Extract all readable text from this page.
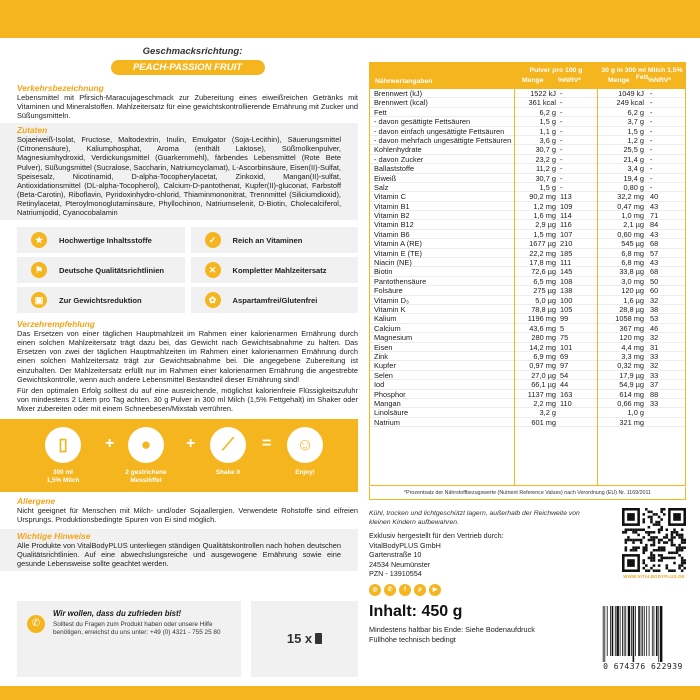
Geschmacksrichtung:
PEACH-PASSION FRUIT
Verkehrsbezeichnung
Lebensmittel mit Pfirsich-Maracujageschmack zur Zubereitung eines eiweißreichen Getränks mit Vitaminen und Mineralstoffen. Mahlzeitersatz für eine gewichtskontrollierende Ernährung mit Zucker und Süßungsmitteln.
Zutaten
Sojaeiweiß-Isolat, Fructose, Maltodextrin, Inulin, Emulgator (Soja-Lecithin), Säuerungsmittel (Citronensäure), Kaliumphosphat, Aroma (enthält Laktose), Süßmolkenpulver, Magnesiumhydroxid, Verdickungsmittel (Guarkernmehl), färbendes Lebensmittel (Rote Bete Pulver), Süßungsmittel (Sucralose, Saccharin, Natriumcyclamat), L-Ascorbinsäure, Eisen(II)-Sulfat, Speisesalz, Nicotinamid, D-alpha-Tocopherylacetat, Zinkoxid, Mangan(II)-sulfat, Antioxidationsmittel (DL-alpha-Tocopherol), Calcium-D-pantothenat, Kupfer(II)-gluconat, Farbstoff (Beta-Carotin), Riboflavin, Pyridoxinhydro-chlorid, Thiaminmononitrat, Trennmittel (Siliciumdioxid), Retinylacetat, Pteroylmonoglutaminsäure, Phyllochinon, Natriumselenit, D-Biotin, Cholecalciferol, Natriumjodid, Cyanocobalamin
★	Hochwertige Inhaltsstoffe	✓	Reich an Vitaminen
⚑	Deutsche Qualitätsrichtlinien	✕	Kompletter Mahlzeitersatz
▣	Zur Gewichtsreduktion	✿	Aspartamfrei/Glutenfrei
Verzehrempfehlung

Das Ersetzen von einer täglichen Hauptmahlzeit im Rahmen einer kalorienarmen Ernährung durch einen solchen Mahlzeitersatz trägt dazu bei, das Gewicht nach Gewichtsabnahme zu halten. Das Ersetzen von zwei der täglichen Hauptmahlzeiten im Rahmen einer kalorienarmen Ernährung durch einen solchen Mahlzeitersatz trägt zur Gewichtsabnahme bei. Die angegebene Zubereitung ist einzuhalten. Der Mahlzeitersatz erfüllt nur im Rahmen einer kalorienarmen Ernährung die angestrebte Gewichtskontrolle, wenn auch andere Lebensmittel Bestandteil dieser Ernährung sind!

Für den optimalen Erfolg solltest du auf eine ausreichende, möglichst kalorienfreie Flüssigkeitszufuhr von mindestens 2 Litern pro Tag achten. 30 g Pulver in 300 ml Milch (1,5% Fettgehalt) im Shaker oder Mixer zubereiten oder mit einem Schneebesen/Mixstab verrühren.

▯	+	●	+	⟋	=	☺
300 ml
1,5% Milch
2 gestrichene
Messlöffel
Shake it	Enjoy!
Allergene
Nicht geeignet für Menschen mit Milch- und/oder Sojaallergien. Verwendete Rohstoffe sind eifreien Ursprungs. Produktionsbedingte Spuren von Ei sind möglich.
Wichtige Hinweise
Alle Produkte von VitalBodyPLUS unterliegen ständigen Qualitätskontrollen nach hohen deutschen Qualitätsrichtlinien. Auf eine abwechslungsreiche und ausgewogene Ernährung sowie eine gesunde Lebensweise sollte geachtet werden.
✆
Wir wollen, dass du zufrieden bist!
Solltest du Fragen zum Produkt haben oder unsere Hilfe benötigen, erreichst du uns unter: +49 (0) 4321 - 755 25 80	15 x
Nährwertangaben
Pulver pro 100 g	30 g in 300 ml Milch 1,5% Fett
Menge %NRV*	Menge	%NRV*
Brennwert (kJ)	1522 kJ -	1049 kJ -
Brennwert (kcal)	361 kcal -	249 kcal -
Fett	6,2 g -	6,2 g -
- davon gesättigte Fettsäuren	1,5 g -	3,7 g -
- davon einfach ungesättigte Fettsäuren	1,1 g -	1,5 g -
- davon mehrfach ungesättigte Fettsäuren	3,6 g -	1,2 g -
Kohlenhydrate	30,7 g -	25,5 g -
- davon Zucker	23,2 g -	21,4 g -
Ballaststoffe	11,2 g -	3,4 g -
Eiweiß	30,7 g -	19,4 g -
Salz	1,5 g -	0,80 g -
Vitamin C	90,2 mg 113	32,2 mg 40
Vitamin B1	1,2 mg 109	0,47 mg 43
Vitamin B2	1,6 mg 114	1,0 mg 71
Vitamin B12	2,9 µg 116	2,1 µg 84
Vitamin B6	1,5 mg 107	0,60 mg 43
Vitamin A (RE)	1677 µg 210	545 µg 68
Vitamin E (TE)	22,2 mg 185	6,8 mg 57
Niacin (NE)	17,8 mg 111	6,8 mg 43
Biotin	72,6 µg 145	33,8 µg 68
Pantothensäure	6,5 mg 108	3,0 mg 50
Folsäure	275 µg 138	120 µg 60
Vitamin D₃	5,0 µg 100	1,6 µg 32
Vitamin K	78,8 µg 105	28,8 µg 38
Kalium	1196 mg 99	1058 mg 53
Calcium	43,6 mg 5	367 mg 46
Magnesium	280 mg 75	120 mg 32
Eisen	14,2 mg 101	4,4 mg 31
Zink	6,9 mg 69	3,3 mg 33
Kupfer	0,97 mg 97	0,32 mg 32
Selen	27,0 µg 54	17,9 µg 33
Iod	66,1 µg 44	54,9 µg 37
Phosphor	1137 mg 163	614 mg 88
Mangan	2,2 mg 110	0,66 mg 33
Linolsäure	3,2 g	1,0 g
Natrium	601 mg	321 mg
*Prozentsatz der Nährstoffbezugswerte (Nutrient Reference Values) nach Verordnung (EU) Nr. 1169/2011
Kühl, trocken und lichtgeschützt lagern, außerhalb der Reichweite von kleinen Kindern aufbewahren.
Exklusiv hergestellt für den Vertrieb durch:
VitalBodyPLUS GmbH
Gartenstraße 10
24534 Neumünster
PZN - 13910554
◎	✆	f	p	▶
Inhalt: 450 g
Mindestens haltbar bis Ende: Siehe Bodenaufdruck
Füllhöhe technisch bedingt
WWW.VITALBODYPLUS.DE
0 674376 622939
